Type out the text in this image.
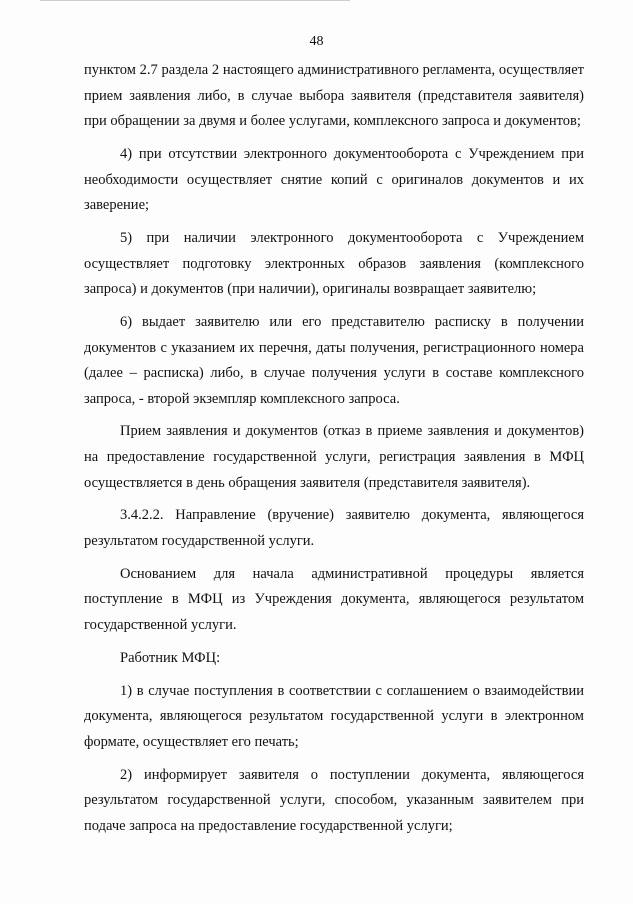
48

пунктом 2.7 раздела 2 настоящего административного регламента, осуществляет прием заявления либо, в случае выбора заявителя (представителя заявителя) при обращении за двумя и более услугами, комплексного запроса и документов;

4) при отсутствии электронного документооборота с Учреждением при необходимости осуществляет снятие копий с оригиналов документов и их заверение;

5) при наличии электронного документооборота с Учреждением осуществляет подготовку электронных образов заявления (комплексного запроса) и документов (при наличии), оригиналы возвращает заявителю;

6) выдает заявителю или его представителю расписку в получении документов с указанием их перечня, даты получения, регистрационного номера (далее – расписка) либо, в случае получения услуги в составе комплексного запроса, - второй экземпляр комплексного запроса.

Прием заявления и документов (отказ в приеме заявления и документов) на предоставление государственной услуги, регистрация заявления в МФЦ осуществляется в день обращения заявителя (представителя заявителя).

3.4.2.2. Направление (вручение) заявителю документа, являющегося результатом государственной услуги.

Основанием для начала административной процедуры является поступление в МФЦ из Учреждения документа, являющегося результатом государственной услуги.

Работник МФЦ:

1) в случае поступления в соответствии с соглашением о взаимодействии документа, являющегося результатом государственной услуги в электронном формате, осуществляет его печать;

2) информирует заявителя о поступлении документа, являющегося результатом государственной услуги, способом, указанным заявителем при подаче запроса на предоставление государственной услуги;
